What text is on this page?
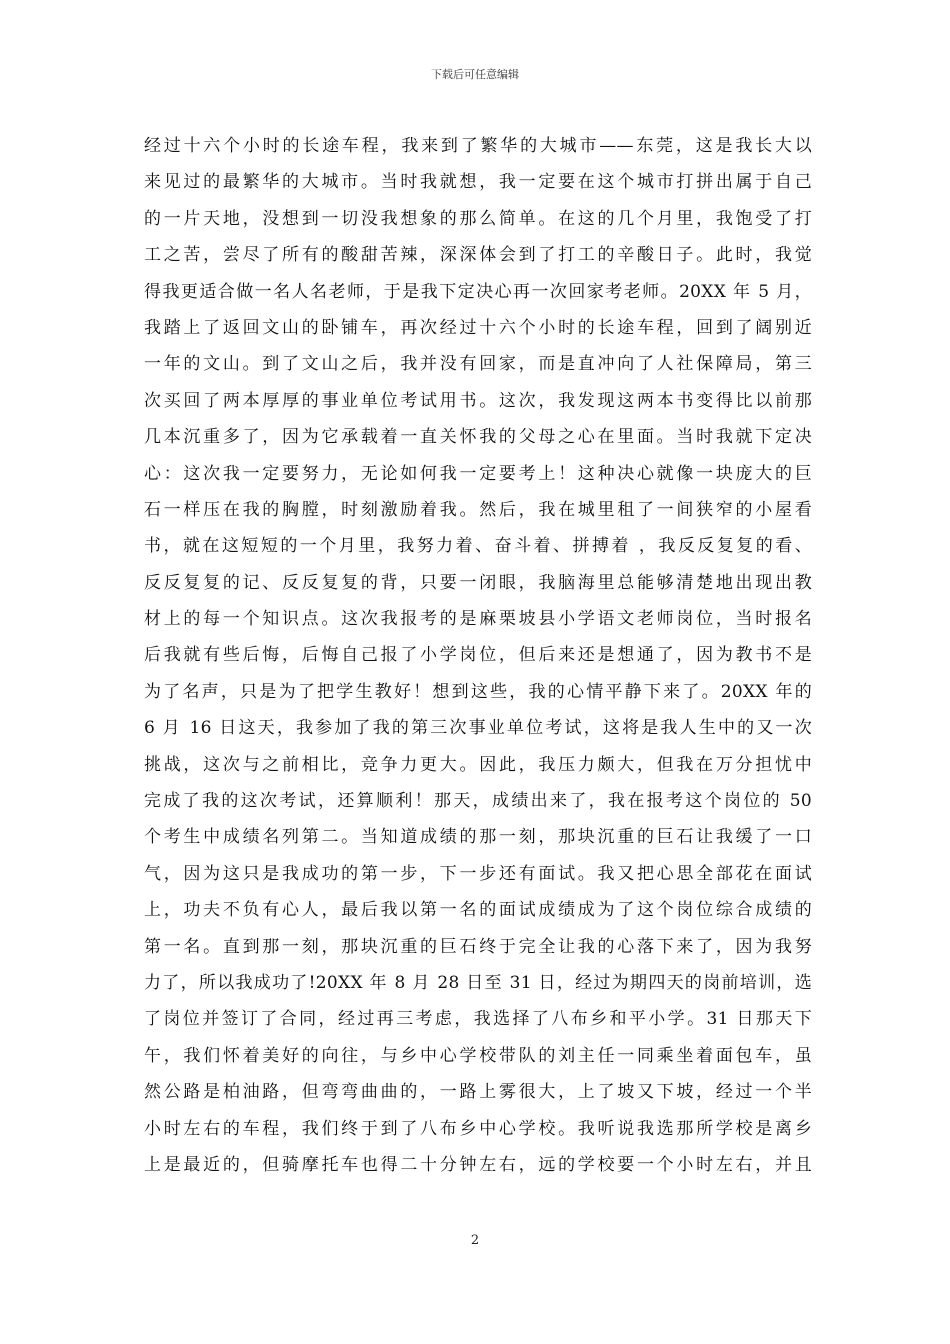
下载后可任意编辑
经过十六个小时的长途车程，我来到了繁华的大城市——东莞，这是我长大以
来见过的最繁华的大城市。当时我就想，我一定要在这个城市打拼出属于自己
的一片天地，没想到一切没我想象的那么简单。在这的几个月里，我饱受了打
工之苦，尝尽了所有的酸甜苦辣，深深体会到了打工的辛酸日子。此时，我觉
得我更适合做一名人名老师，于是我下定决心再一次回家考老师。20XX 年 5 月，
我踏上了返回文山的卧铺车，再次经过十六个小时的长途车程，回到了阔别近
一年的文山。到了文山之后，我并没有回家，而是直冲向了人社保障局，第三
次买回了两本厚厚的事业单位考试用书。这次，我发现这两本书变得比以前那
几本沉重多了，因为它承载着一直关怀我的父母之心在里面。当时我就下定决
心：这次我一定要努力，无论如何我一定要考上！这种决心就像一块庞大的巨
石一样压在我的胸膛，时刻激励着我。然后，我在城里租了一间狭窄的小屋看
书，就在这短短的一个月里，我努力着、奋斗着、拼搏着 ，我反反复复的看、
反反复复的记、反反复复的背，只要一闭眼，我脑海里总能够清楚地出现出教
材上的每一个知识点。这次我报考的是麻栗坡县小学语文老师岗位，当时报名
后我就有些后悔，后悔自己报了小学岗位，但后来还是想通了，因为教书不是
为了名声，只是为了把学生教好！想到这些，我的心情平静下来了。20XX 年的
6 月 16 日这天，我参加了我的第三次事业单位考试，这将是我人生中的又一次
挑战，这次与之前相比，竞争力更大。因此，我压力颇大，但我在万分担忧中
完成了我的这次考试，还算顺利！那天，成绩出来了，我在报考这个岗位的 50
个考生中成绩名列第二。当知道成绩的那一刻，那块沉重的巨石让我缓了一口
气，因为这只是我成功的第一步，下一步还有面试。我又把心思全部花在面试
上，功夫不负有心人，最后我以第一名的面试成绩成为了这个岗位综合成绩的
第一名。直到那一刻，那块沉重的巨石终于完全让我的心落下来了，因为我努
力了，所以我成功了!20XX 年 8 月 28 日至 31 日，经过为期四天的岗前培训，选
了岗位并签订了合同，经过再三考虑，我选择了八布乡和平小学。31 日那天下
午，我们怀着美好的向往，与乡中心学校带队的刘主任一同乘坐着面包车，虽
然公路是柏油路，但弯弯曲曲的，一路上雾很大，上了坡又下坡，经过一个半
小时左右的车程，我们终于到了八布乡中心学校。我听说我选那所学校是离乡
上是最近的，但骑摩托车也得二十分钟左右，远的学校要一个小时左右，并且
2
